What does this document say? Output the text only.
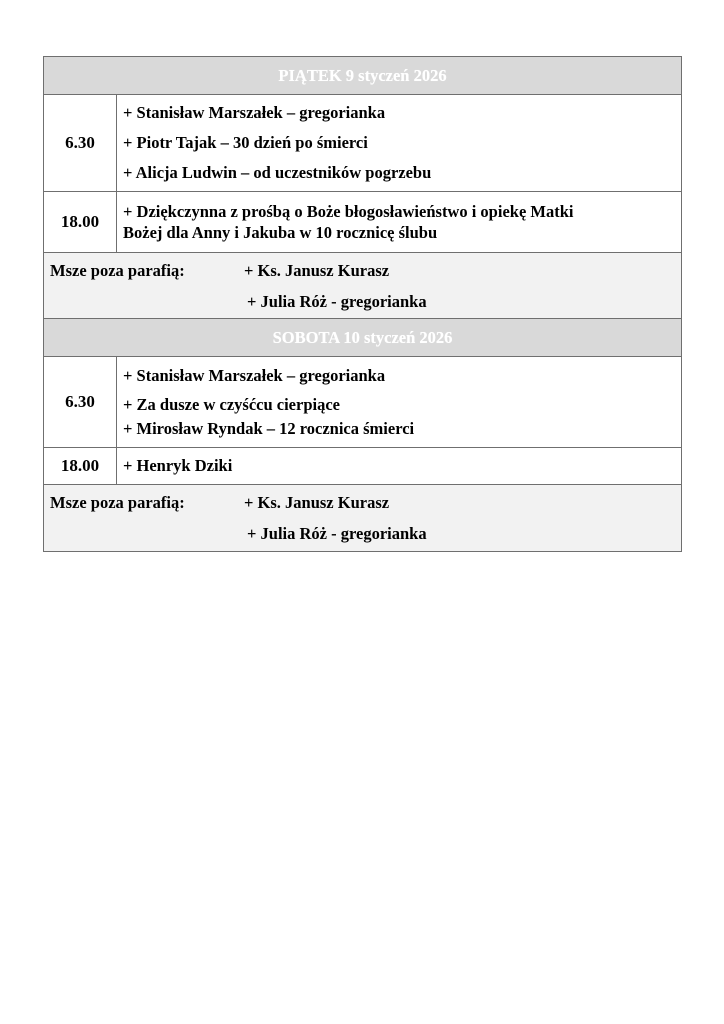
PIĄTEK 9 styczeń 2026	
6.30	+ Stanisław Marszałek – gregorianka
+ Piotr Tajak – 30 dzień po śmierci
+ Alicja Ludwin – od uczestników pogrzebu

18.00	+ Dziękczynna z prośbą o Boże błogosławieństwo i opiekę Matki
Bożej dla Anny i Jakuba w 10 rocznicę ślubu

Msze poza parafią: + Ks. Janusz Kurasz
+ Julia Róż - gregorianka	

SOBOTA 10 styczeń 2026	
6.30	+ Stanisław Marszałek – gregorianka
+ Za dusze w czyśćcu cierpiące
+ Mirosław Ryndak – 12 rocznica śmierci

18.00	+ Henryk Dziki

Msze poza parafią: + Ks. Janusz Kurasz
+ Julia Róż - gregorianka	
